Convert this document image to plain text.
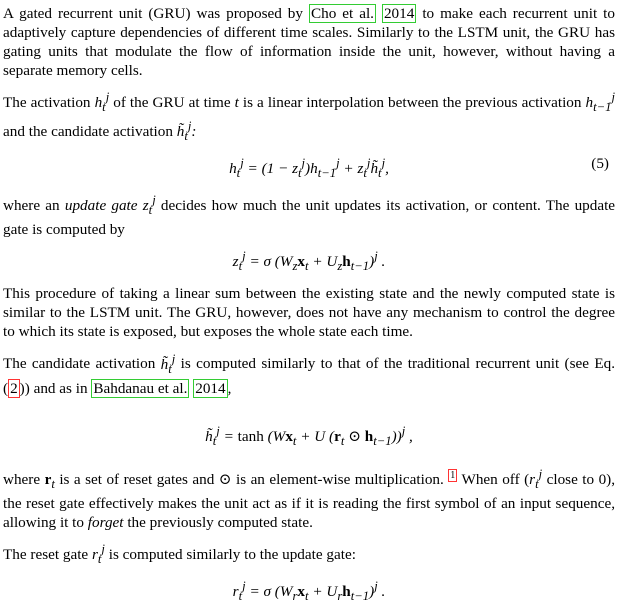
A gated recurrent unit (GRU) was proposed by Cho et al. 2014 to make each recurrent unit to adaptively capture dependencies of different time scales. Similarly to the LSTM unit, the GRU has gating units that modulate the flow of information inside the unit, however, without having a separate memory cells.

The activation $h_t^j$ of the GRU at time t is a linear interpolation between the previous activation $h_{t-1}^j$ and the candidate activation $h̃_t^j$:

$h_t^j = (1 - z_t^j)h_{t-1}^j$ + $z_t^jh̃_t^j$,	(5)

where an update gate $z_t^j$ decides how much the unit updates its activation, or content. The update gate is computed by

$z_t^j = \sigma$ $(W_zx_t + U_zh_{t-1})^j$ .

This procedure of taking a linear sum between the existing state and the newly computed state is similar to the LSTM unit. The GRU, however, does not have any mechanism to control the degree to which its state is exposed, but exposes the whole state each time.

The candidate activation $h̃_t^j$ is computed similarly to that of the traditional recurrent unit (see Eq. ( 2 )) and as in Bahdanau et al. 2014 ,

$h̃_t^j = \tanh (Wx_t + U$ ($r_t$ ⊙ $h_{t-1}))^j$ ,

where $r_t$ is a set of reset gates and ⊙ is an element-wise multiplication. $^1$ When off ($r_t^j$ close to 0), the reset gate effectively makes the unit act as if it is reading the first symbol of an input sequence, allowing it to forget the previously computed state.

The reset gate $r_t^j$ is computed similarly to the update gate:

$r_t^j = \sigma$ $(W_rx_t + U_rh_{t-1})^j$ .
